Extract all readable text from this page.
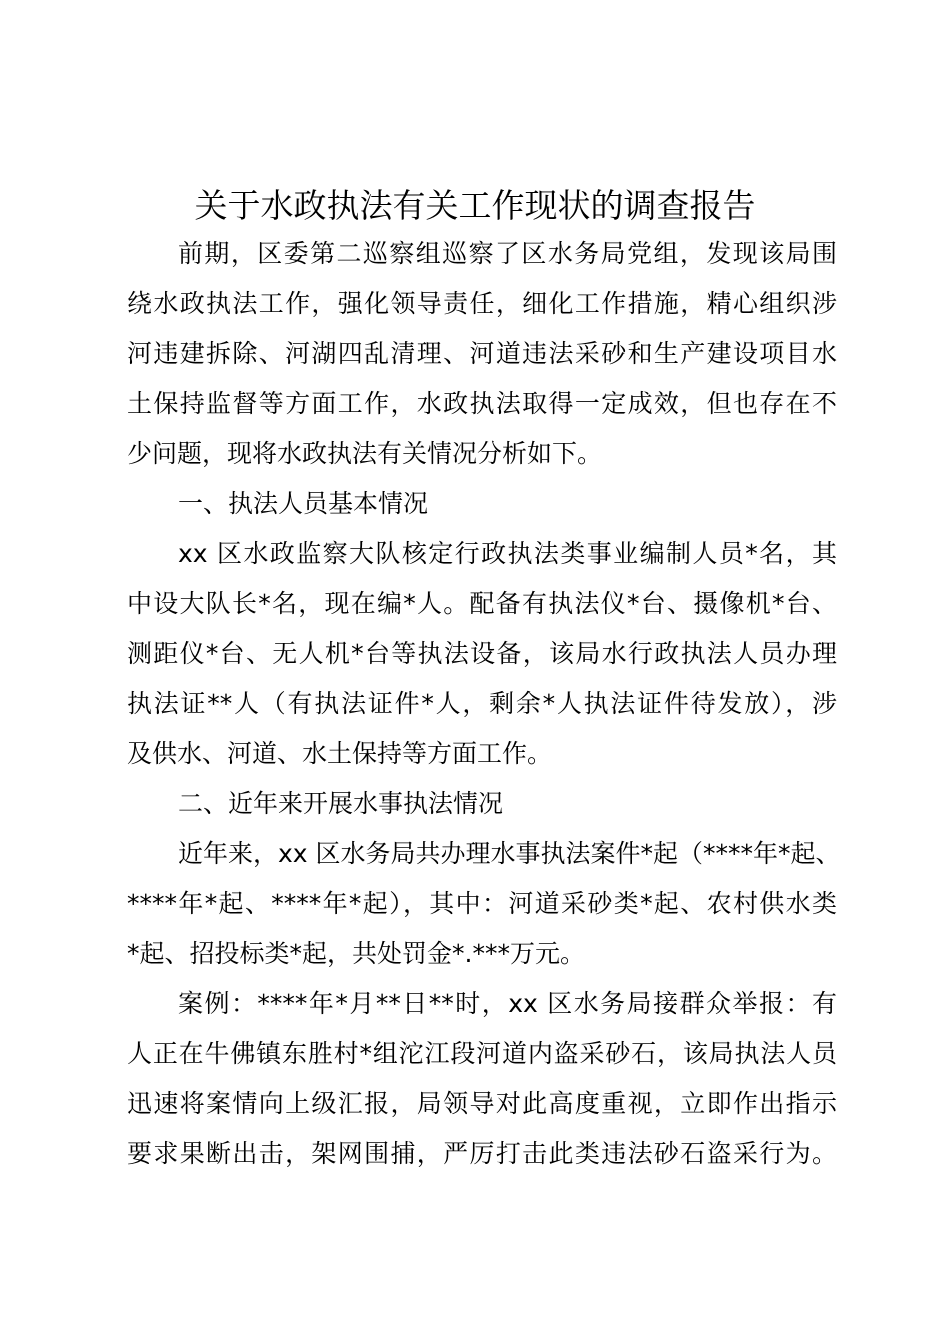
关于水政执法有关工作现状的调查报告
前期，区委第二巡察组巡察了区水务局党组，发现该局围
绕水政执法工作，强化领导责任，细化工作措施，精心组织涉
河违建拆除、河湖四乱清理、河道违法采砂和生产建设项目水
土保持监督等方面工作，水政执法取得一定成效，但也存在不
少问题，现将水政执法有关情况分析如下。
一、执法人员基本情况
xx 区水政监察大队核定行政执法类事业编制人员*名，其
中设大队长*名，现在编*人。配备有执法仪*台、摄像机*台、
测距仪*台、无人机*台等执法设备，该局水行政执法人员办理
执法证**人（有执法证件*人，剩余*人执法证件待发放），涉
及供水、河道、水土保持等方面工作。
二、近年来开展水事执法情况
近年来，xx 区水务局共办理水事执法案件*起（****年*起、
****年*起、****年*起），其中：河道采砂类*起、农村供水类
*起、招投标类*起，共处罚金*.***万元。
案例：****年*月**日**时，xx 区水务局接群众举报：有
人正在牛佛镇东胜村*组沱江段河道内盗采砂石，该局执法人员
迅速将案情向上级汇报，局领导对此高度重视，立即作出指示
要求果断出击，架网围捕，严厉打击此类违法砂石盗采行为。
